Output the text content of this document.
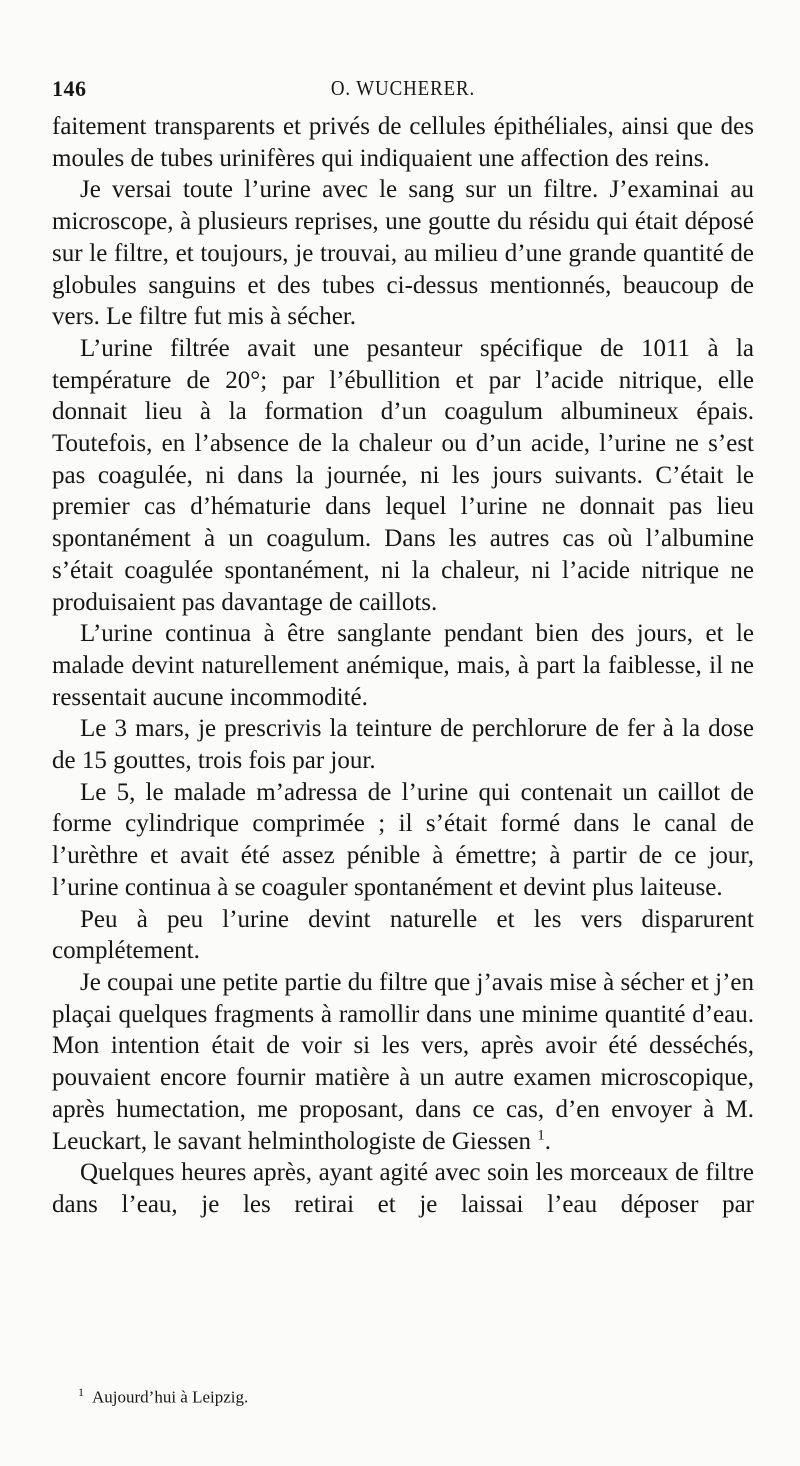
146	O. WUCHERER.

faitement transparents et privés de cellules épithéliales, ainsi que des moules de tubes urinifères qui indiquaient une affection des reins.

Je versai toute l’urine avec le sang sur un filtre. J’examinai au microscope, à plusieurs reprises, une goutte du résidu qui était déposé sur le filtre, et toujours, je trouvai, au milieu d’une grande quantité de globules sanguins et des tubes ci-dessus mentionnés, beaucoup de vers. Le filtre fut mis à sécher.

L’urine filtrée avait une pesanteur spécifique de 1011 à la température de 20°; par l’ébullition et par l’acide nitrique, elle donnait lieu à la formation d’un coagulum albumineux épais. Toutefois, en l’absence de la chaleur ou d’un acide, l’urine ne s’est pas coagulée, ni dans la journée, ni les jours suivants. C’était le premier cas d’hématurie dans lequel l’urine ne donnait pas lieu spontanément à un coagulum. Dans les autres cas où l’albumine s’était coagulée spontanément, ni la chaleur, ni l’acide nitrique ne produisaient pas davantage de caillots.

L’urine continua à être sanglante pendant bien des jours, et le malade devint naturellement anémique, mais, à part la faiblesse, il ne ressentait aucune incommodité.

Le 3 mars, je prescrivis la teinture de perchlorure de fer à la dose de 15 gouttes, trois fois par jour.

Le 5, le malade m’adressa de l’urine qui contenait un caillot de forme cylindrique comprimée ; il s’était formé dans le canal de l’urèthre et avait été assez pénible à émettre; à partir de ce jour, l’urine continua à se coaguler spontanément et devint plus laiteuse.

Peu à peu l’urine devint naturelle et les vers disparurent complétement.

Je coupai une petite partie du filtre que j’avais mise à sécher et j’en plaçai quelques fragments à ramollir dans une minime quantité d’eau. Mon intention était de voir si les vers, après avoir été desséchés, pouvaient encore fournir matière à un autre examen microscopique, après humectation, me proposant, dans ce cas, d’en envoyer à M. Leuckart, le savant helminthologiste de Giessen $^1$.

Quelques heures après, ayant agité avec soin les morceaux de filtre dans l’eau, je les retirai et je laissai l’eau déposer par

$^1$ Aujourd’hui à Leipzig.
